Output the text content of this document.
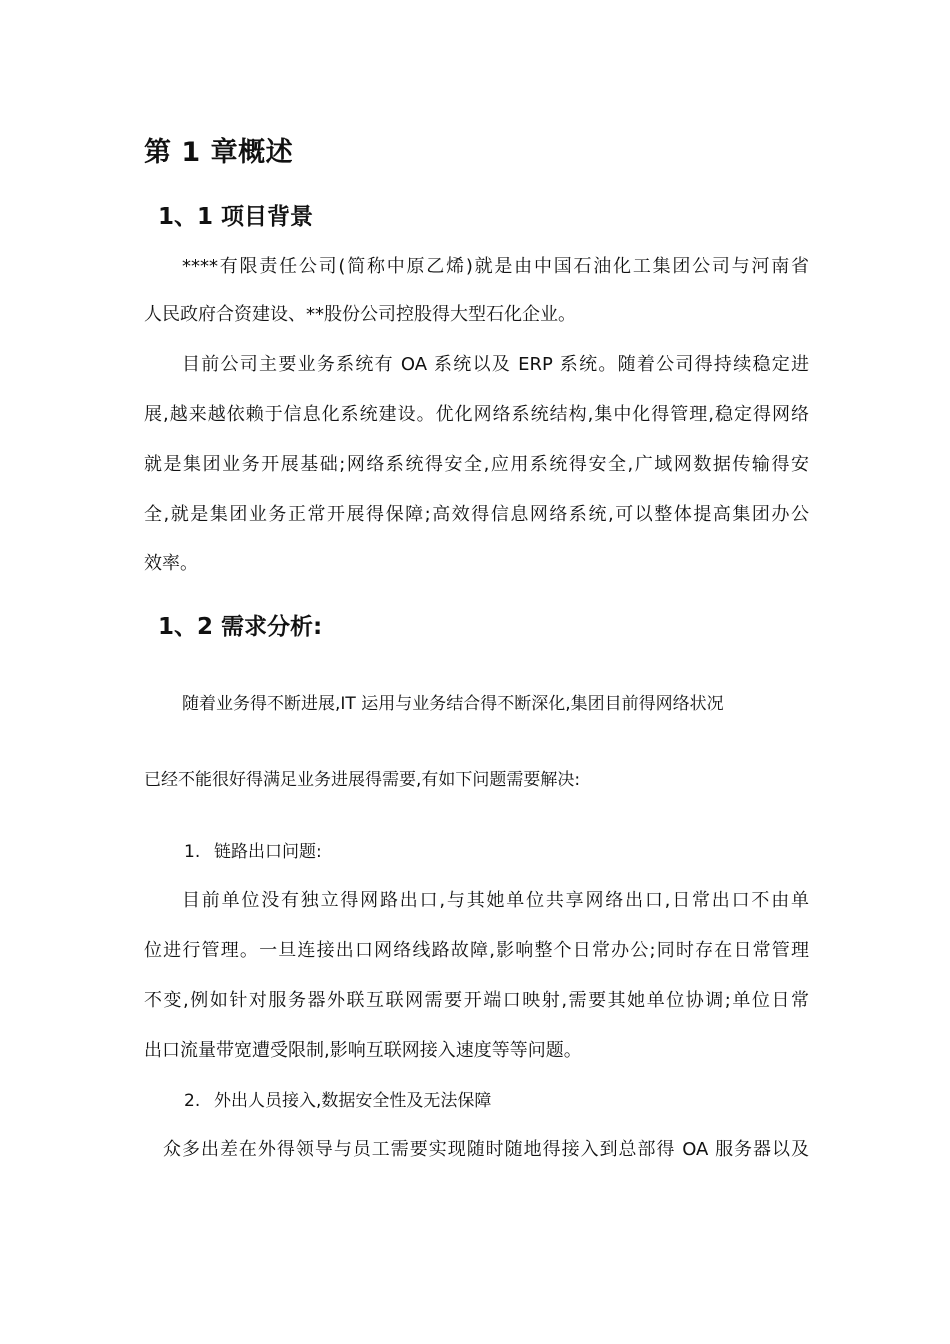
第 1 章概述
1、1 项目背景
****有限责任公司(简称中原乙烯)就是由中国石油化工集团公司与河南省
人民政府合资建设、**股份公司控股得大型石化企业。
目前公司主要业务系统有 OA 系统以及 ERP 系统。随着公司得持续稳定进
展,越来越依赖于信息化系统建设。优化网络系统结构,集中化得管理,稳定得网络
就是集团业务开展基础;网络系统得安全,应用系统得安全,广域网数据传输得安
全,就是集团业务正常开展得保障;高效得信息网络系统,可以整体提高集团办公
效率。
1、2 需求分析:
随着业务得不断进展,IT 运用与业务结合得不断深化,集团目前得网络状况
已经不能很好得满足业务进展得需要,有如下问题需要解决:
1. 链路出口问题:
目前单位没有独立得网路出口,与其她单位共享网络出口,日常出口不由单
位进行管理。一旦连接出口网络线路故障,影响整个日常办公;同时存在日常管理
不变,例如针对服务器外联互联网需要开端口映射,需要其她单位协调;单位日常
出口流量带宽遭受限制,影响互联网接入速度等等问题。
2. 外出人员接入,数据安全性及无法保障
众多出差在外得领导与员工需要实现随时随地得接入到总部得 OA 服务器以及
